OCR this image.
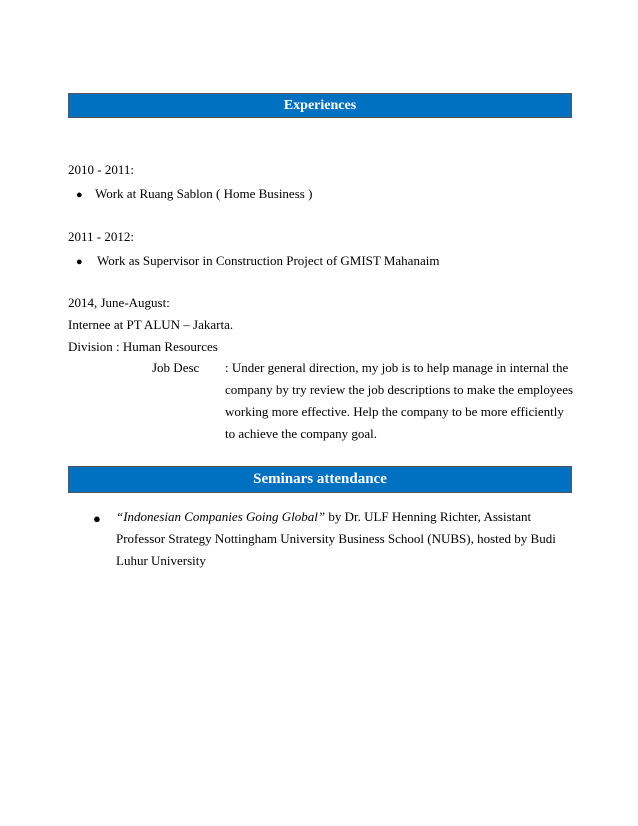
Experiences
2010 - 2011:
● Work at Ruang Sablon ( Home Business )
2011 - 2012:
● Work as Supervisor in Construction Project of GMIST Mahanaim
2014, June-August:
Internee at PT ALUN – Jakarta.
Division : Human Resources
Job Desc : Under general direction, my job is to help manage in internal the
company by try review the job descriptions to make the employees
working more effective. Help the company to be more efficiently
to achieve the company goal.
Seminars attendance
● “Indonesian Companies Going Global” by Dr. ULF Henning Richter, Assistant
Professor Strategy Nottingham University Business School (NUBS), hosted by Budi
Luhur University
